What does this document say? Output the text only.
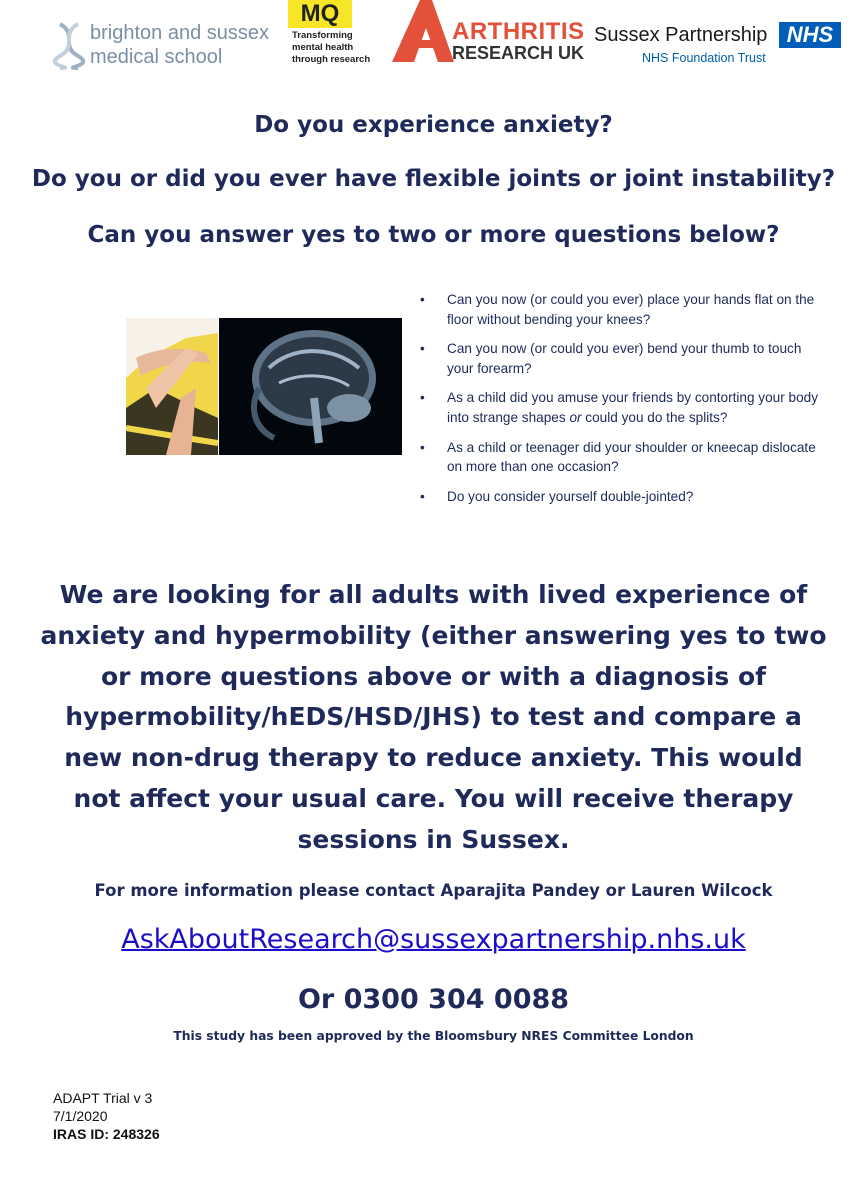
brighton and sussex
medical school
MQ
Transforming
mental health
through research
ARTHRITIS
RESEARCH UK
Sussex Partnership NHS
NHS Foundation Trust
Do you experience anxiety?
Do you or did you ever have flexible joints or joint instability?
Can you answer yes to two or more questions below?
• Can you now (or could you ever) place your hands flat on the floor without bending your knees?
• Can you now (or could you ever) bend your thumb to touch your forearm?
• As a child did you amuse your friends by contorting your body into strange shapes or could you do the splits?
• As a child or teenager did your shoulder or kneecap dislocate on more than one occasion?
• Do you consider yourself double-jointed?
We are looking for all adults with lived experience of anxiety and hypermobility (either answering yes to two or more questions above or with a diagnosis of hypermobility/hEDS/HSD/JHS) to test and compare a new non-drug therapy to reduce anxiety. This would not affect your usual care. You will receive therapy sessions in Sussex.
For more information please contact Aparajita Pandey or Lauren Wilcock
AskAboutResearch@sussexpartnership.nhs.uk
Or 0300 304 0088
This study has been approved by the Bloomsbury NRES Committee London
ADAPT Trial v 3
7/1/2020
IRAS ID: 248326
